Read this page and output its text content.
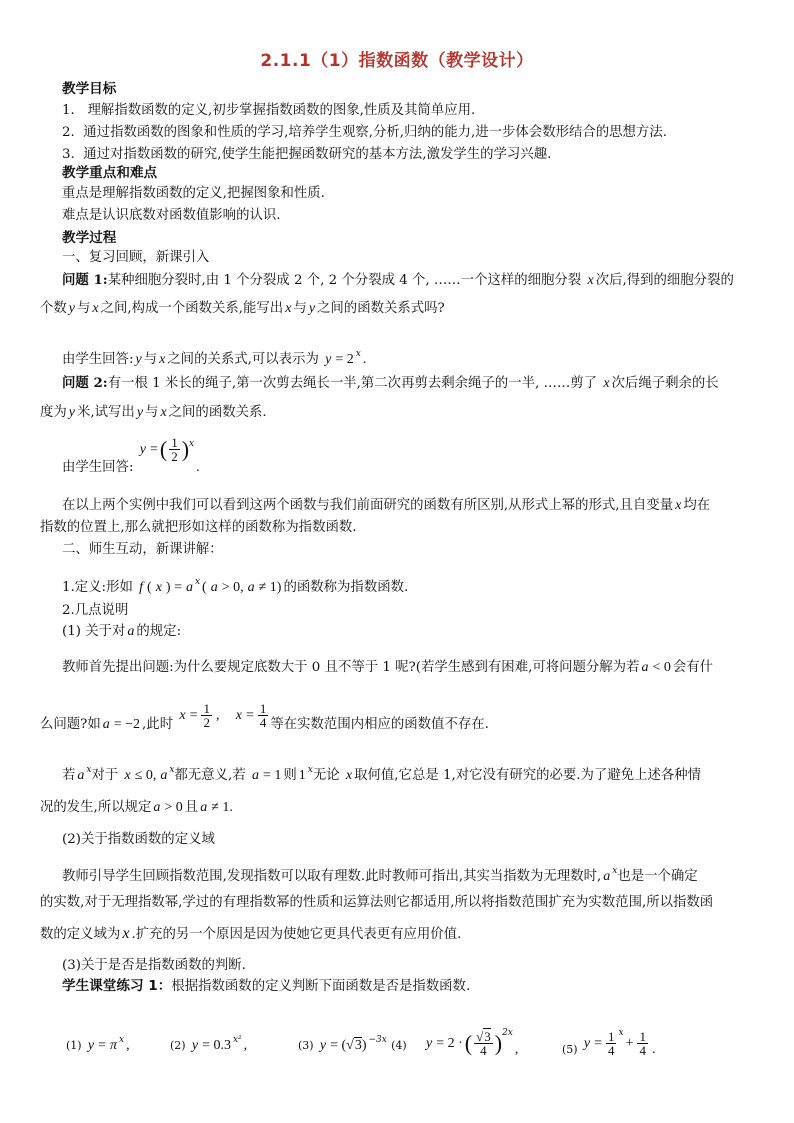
2.1.1（1）指数函数（教学设计）
教学目标
1.   理解指数函数的定义,初步掌握指数函数的图象,性质及其简单应用.
2.  通过指数函数的图象和性质的学习,培养学生观察,分析,归纳的能力,进一步体会数形结合的思想方法.
3.  通过对指数函数的研究,使学生能把握函数研究的基本方法,激发学生的学习兴趣.
教学重点和难点
重点是理解指数函数的定义,把握图象和性质.
难点是认识底数对函数值影响的认识.
教学过程
一、复习回顾，新课引入
问题 1:某种细胞分裂时,由 1 个分裂成 2 个, 2 个分裂成 4 个, ……一个这样的细胞分裂 x 次后,得到的细胞分裂的
个数 y 与 x 之间,构成一个函数关系,能写出 x 与 y 之间的函数关系式吗?
由学生回答: y 与 x 之间的关系式,可以表示为 y = 2 $^x$ .
问题 2:有一根 1 米长的绳子,第一次剪去绳长一半,第二次再剪去剩余绳子的一半, ……剪了 x 次后绳子剩余的长
度为 y 米,试写出 y 与 x 之间的函数关系.
由学生回答: y =( $\frac{1}{2} )^x$.
在以上两个实例中我们可以看到这两个函数与我们前面研究的函数有所区别,从形式上幂的形式,且自变量 x 均在
指数的位置上,那么就把形如这样的函数称为指数函数.
二、师生互动，新课讲解：
1.定义:形如 f ( x ) = a $^x$ ( a > 0, a ≠ 1) 的函数称为指数函数.
2.几点说明
(1) 关于对 a 的规定:
教师首先提出问题:为什么要规定底数大于 0 且不等于 1 呢?(若学生感到有困难,可将问题分解为若 a < 0 会有什
么问题?如 a = −2 ,此时 $x = \frac{1}{2}$ , $x = \frac{1}{4}$ 等在实数范围内相应的函数值不存在.
若 a $^x$对于 x ≤ 0, a $^x$都无意义,若 a = 1 则 1 $^x$无论 x 取何值,它总是 1,对它没有研究的必要.为了避免上述各种情
况的发生,所以规定 a > 0 且 a ≠ 1.
(2)关于指数函数的定义域
教师引导学生回顾指数范围,发现指数可以取有理数.此时教师可指出,其实当指数为无理数时, a $^x$也是一个确定
的实数,对于无理指数幂,学过的有理指数幂的性质和运算法则它都适用,所以将指数范围扩充为实数范围,所以指数函
数的定义域为 x .扩充的另一个原因是因为使她它更具代表更有应用价值.
(3)关于是否是指数函数的判断.
学生课堂练习 1：根据指数函数的定义判断下面函数是否是指数函数.
(1) y = π $^x$ ,	(2) y = 0.3 $^{x^2}$ ,	(3) y = (√3) $^{-3x}$ (4) y = 2 ·( $\frac{√3}{4} )^{2x}$,	$_{(5)}$ $y = \frac{1}{4} ^x+ \frac{1}{4}$ .
